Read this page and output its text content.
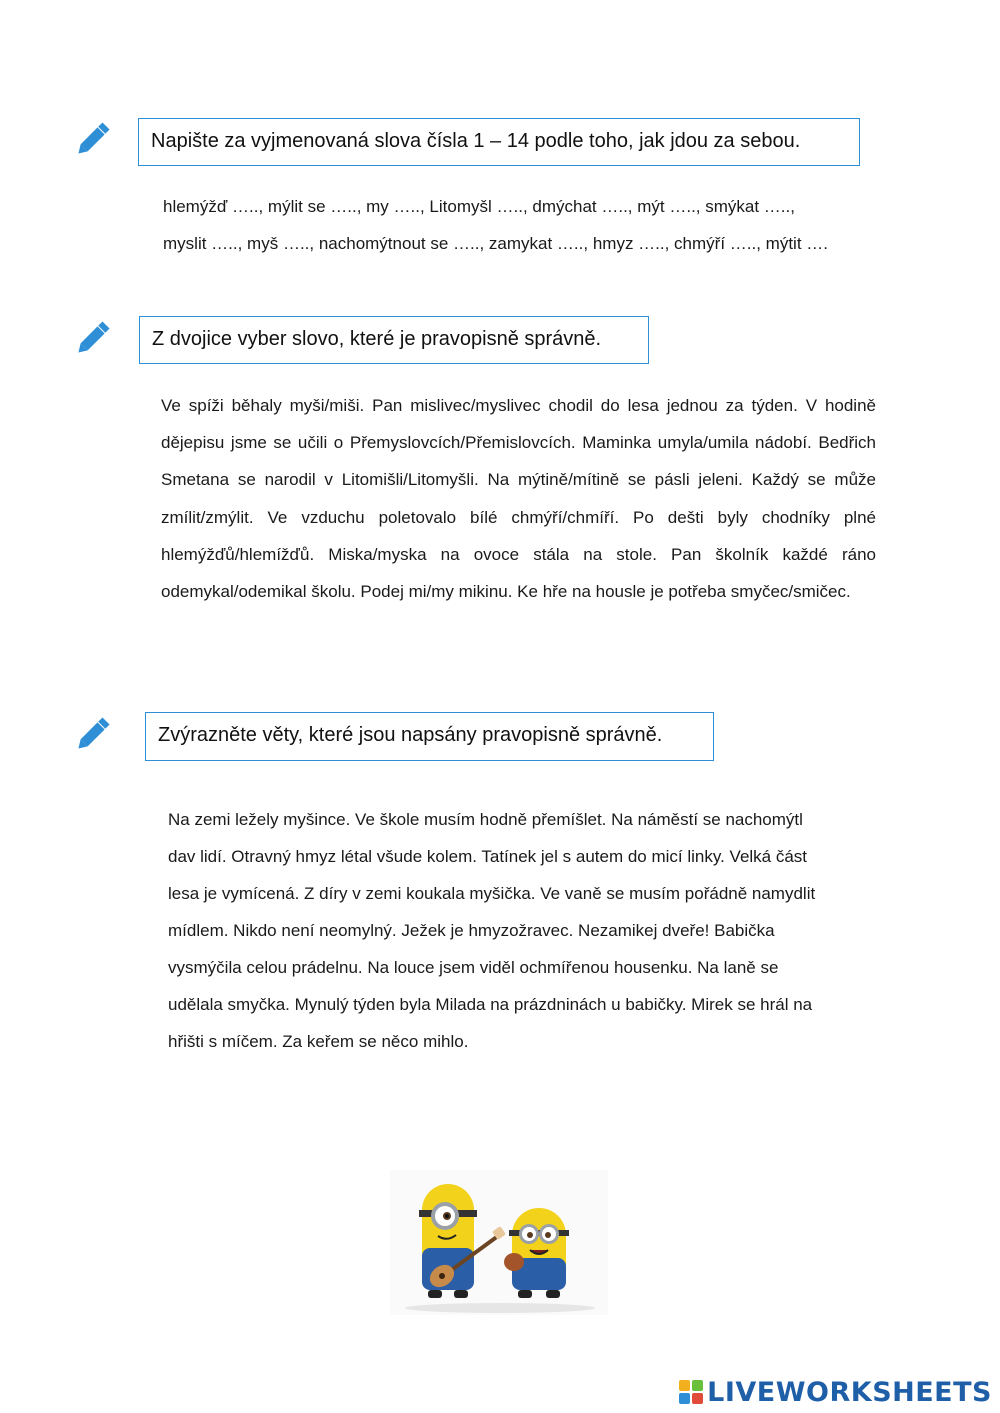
Napište za vyjmenovaná slova čísla 1 – 14 podle toho, jak jdou za sebou.
hlemýžď ….., mýlit se ….., my ….., Litomyšl ….., dmýchat ….., mýt ….., smýkat …..,
myslit ….., myš ….., nachomýtnout se ….., zamykat ….., hmyz ….., chmýří ….., mýtit ….
Z dvojice vyber slovo, které je pravopisně správně.
Ve spíži běhaly myši/miši. Pan mislivec/myslivec chodil do lesa jednou za týden. V hodině dějepisu jsme se učili o Přemyslovcích/Přemislovcích. Maminka umyla/umila nádobí. Bedřich Smetana se narodil v Litomišli/Litomyšli. Na mýtině/mítině se pásli jeleni. Každý se může zmílit/zmýlit. Ve vzduchu poletovalo bílé chmýří/chmíří. Po dešti byly chodníky plné hlemýžďů/hlemížďů. Miska/myska na ovoce stála na stole. Pan školník každé ráno odemykal/odemikal školu. Podej mi/my mikinu. Ke hře na housle je potřeba smyčec/smičec.
Zvýrazněte věty, které jsou napsány pravopisně správně.
Na zemi ležely myšince. Ve škole musím hodně přemíšlet. Na náměstí se nachomýtl
dav lidí. Otravný hmyz létal všude kolem. Tatínek jel s autem do micí linky. Velká část
lesa je vymícená. Z díry v zemi koukala myšička. Ve vaně se musím pořádně namydlit
mídlem. Nikdo není neomylný. Ježek je hmyzožravec. Nezamikej dveře! Babička
vysmýčila celou prádelnu. Na louce jsem viděl ochmířenou housenku. Na laně se
udělala smyčka. Mynulý týden byla Milada na prázdninách u babičky. Mirek se hrál na
hřišti s míčem. Za keřem se něco mihlo.
LIVEWORKSHEETS
